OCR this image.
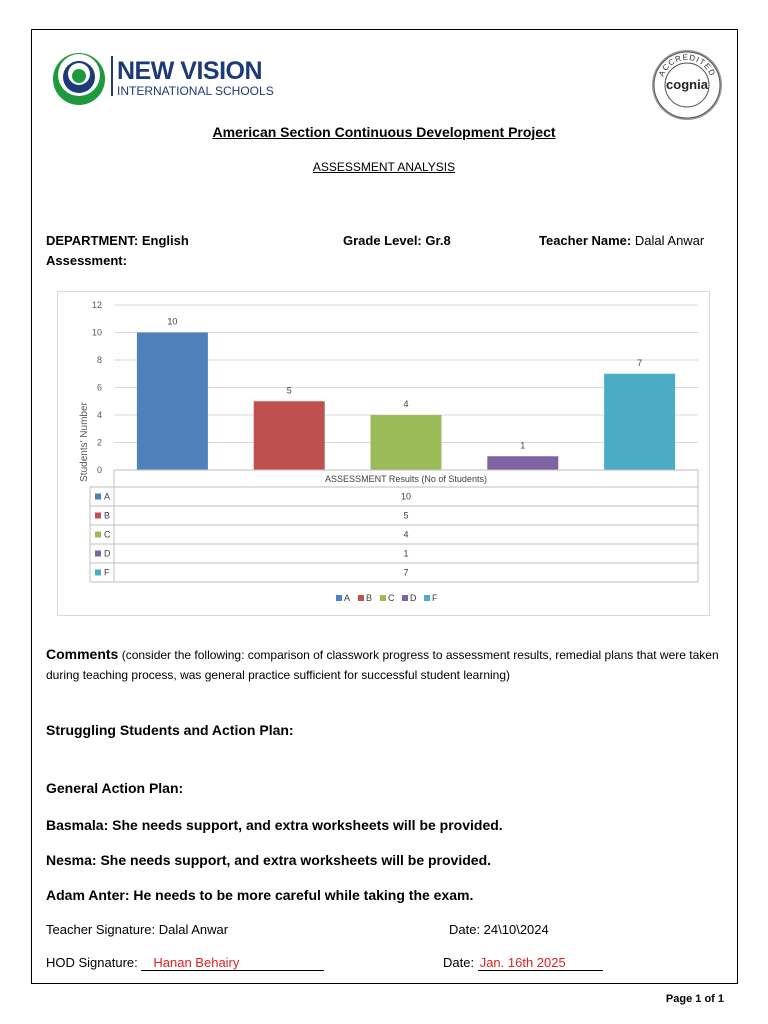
NEW VISION
INTERNATIONAL SCHOOLS
ACCREDITED
cognia
American Section Continuous Development Project
ASSESSMENT ANALYSIS
DEPARTMENT: English	Grade Level: Gr.8	Teacher Name: Dalal Anwar
Assessment:
0
2
4
6
8
10
12
Students' Number
10
5
4
1
7
ASSESSMENT Results (No of Students)
A	10
B	5
C	4
D	1
F	7
A B C D F
Comments (consider the following: comparison of classwork progress to assessment results, remedial plans that were taken during teaching process, was general practice sufficient for successful student learning)
Struggling Students and Action Plan:
General Action Plan:
Basmala: She needs support, and extra worksheets will be provided.
Nesma: She needs support, and extra worksheets will be provided.
Adam Anter: He needs to be more careful while taking the exam.
Teacher Signature: Dalal Anwar	Date: 24\10\2024
HOD Signature: Hanan Behairy	Date: Jan. 16th 2025
Page 1 of 1
